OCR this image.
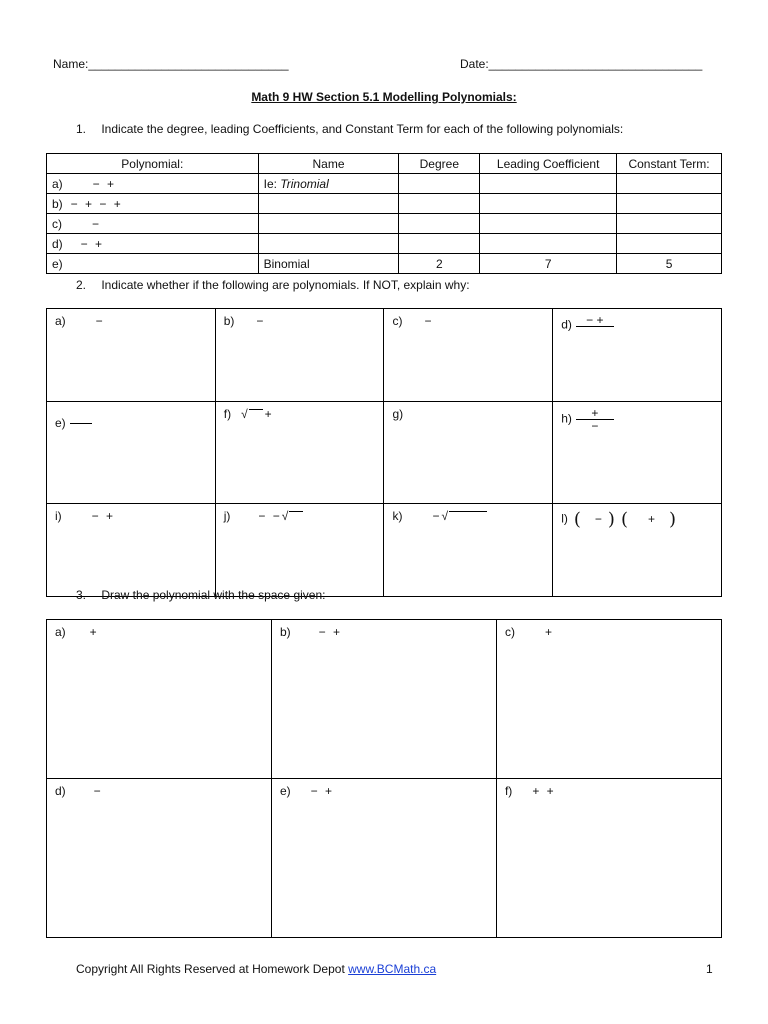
Name:______________________________	Date:________________________________
Math 9 HW Section 5.1 Modelling Polynomials:
1. Indicate the degree, leading Coefficients, and Constant Term for each of the following polynomials:
Polynomial:	Name	Degree	Leading Coefficient	Constant Term:
a) − +	Ie: Trinomial			
b) − + − +				
c) −				
d) − +				
e)	Binomial	2	7	5
2. Indicate whether if the following are polynomials. If NOT, explain why:
a) −	b) −	c) −	d) − +

e)	f) √ +	g)	$h) \frac{+}{-}$

i) − +	j) − −√	k) −√	l) ( − ) ( + )
3. Draw the polynomial with the space given:
a) +	b) − +	c) +
d) −	e) − +	f) + +
Copyright All Rights Reserved at Homework Depot www.BCMath.ca	1
